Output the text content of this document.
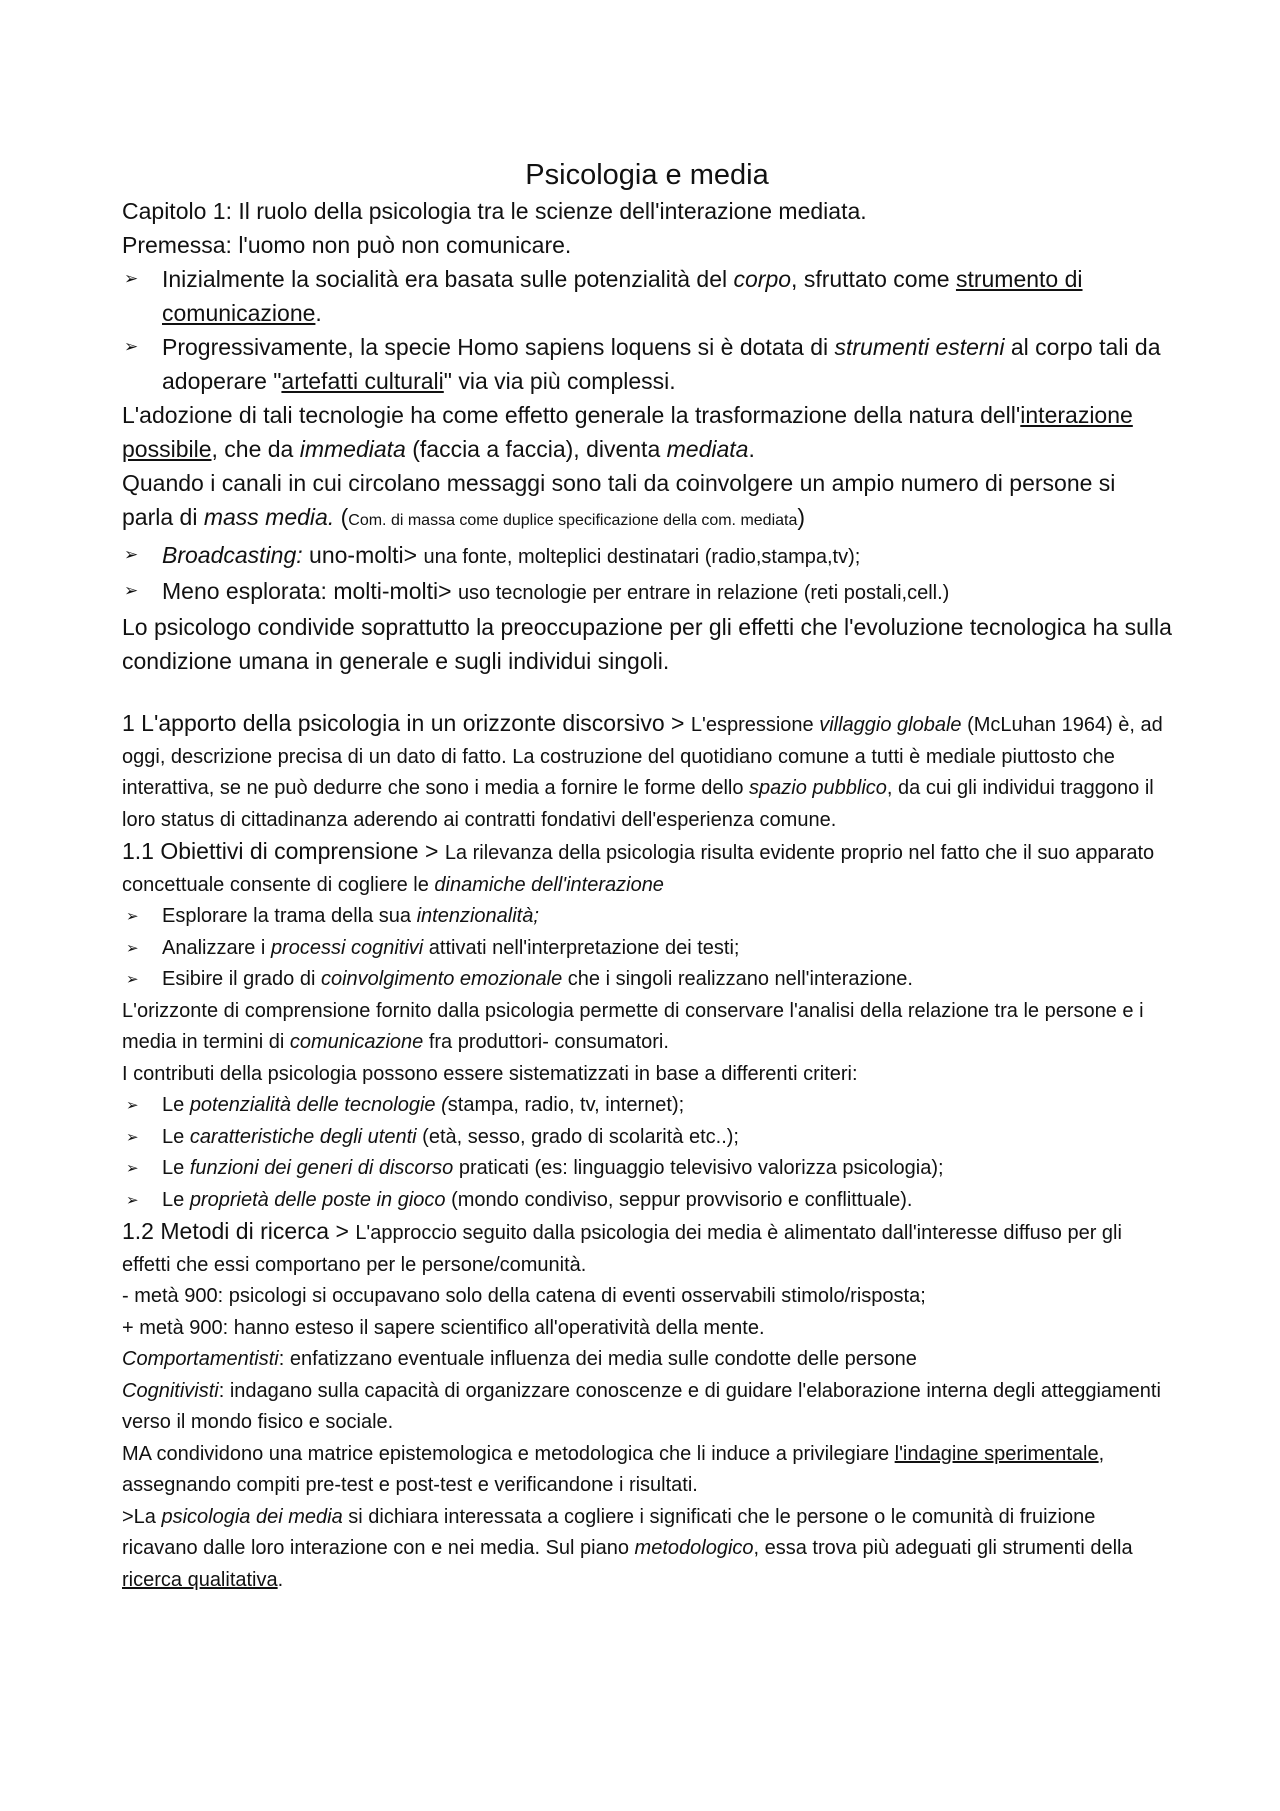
Psicologia e media

Capitolo 1: Il ruolo della psicologia tra le scienze dell'interazione mediata.

Premessa: l'uomo non può non comunicare.

➢ Inizialmente la socialità era basata sulle potenzialità del corpo, sfruttato come strumento di comunicazione.

➢ Progressivamente, la specie Homo sapiens loquens si è dotata di strumenti esterni al corpo tali da adoperare "artefatti culturali" via via più complessi.

L'adozione di tali tecnologie ha come effetto generale la trasformazione della natura dell'interazione possibile, che da immediata (faccia a faccia), diventa mediata.

Quando i canali in cui circolano messaggi sono tali da coinvolgere un ampio numero di persone si parla di mass media. (Com. di massa come duplice specificazione della com. mediata)

➢ Broadcasting: uno-molti> una fonte, molteplici destinatari (radio,stampa,tv);

➢ Meno esplorata: molti-molti> uso tecnologie per entrare in relazione (reti postali,cell.)

Lo psicologo condivide soprattutto la preoccupazione per gli effetti che l'evoluzione tecnologica ha sulla condizione umana in generale e sugli individui singoli.

1 L'apporto della psicologia in un orizzonte discorsivo > L'espressione villaggio globale (McLuhan 1964) è, ad oggi, descrizione precisa di un dato di fatto. La costruzione del quotidiano comune a tutti è mediale piuttosto che interattiva, se ne può dedurre che sono i media a fornire le forme dello spazio pubblico, da cui gli individui traggono il loro status di cittadinanza aderendo ai contratti fondativi dell'esperienza comune.

1.1 Obiettivi di comprensione > La rilevanza della psicologia risulta evidente proprio nel fatto che il suo apparato concettuale consente di cogliere le dinamiche dell'interazione

➢ Esplorare la trama della sua intenzionalità;

➢ Analizzare i processi cognitivi attivati nell'interpretazione dei testi;

➢ Esibire il grado di coinvolgimento emozionale che i singoli realizzano nell'interazione.

L'orizzonte di comprensione fornito dalla psicologia permette di conservare l'analisi della relazione tra le persone e i media in termini di comunicazione fra produttori- consumatori.

I contributi della psicologia possono essere sistematizzati in base a differenti criteri:

➢ Le potenzialità delle tecnologie (stampa, radio, tv, internet);

➢ Le caratteristiche degli utenti (età, sesso, grado di scolarità etc..);

➢ Le funzioni dei generi di discorso praticati (es: linguaggio televisivo valorizza psicologia);

➢ Le proprietà delle poste in gioco (mondo condiviso, seppur provvisorio e conflittuale).

1.2 Metodi di ricerca > L'approccio seguito dalla psicologia dei media è alimentato dall'interesse diffuso per gli effetti che essi comportano per le persone/comunità.

- metà 900: psicologi si occupavano solo della catena di eventi osservabili stimolo/risposta;

+ metà 900: hanno esteso il sapere scientifico all'operatività della mente.

Comportamentisti: enfatizzano eventuale influenza dei media sulle condotte delle persone

Cognitivisti: indagano sulla capacità di organizzare conoscenze e di guidare l'elaborazione interna degli atteggiamenti verso il mondo fisico e sociale.

MA condividono una matrice epistemologica e metodologica che li induce a privilegiare l'indagine sperimentale, assegnando compiti pre-test e post-test e verificandone i risultati.

>La psicologia dei media si dichiara interessata a cogliere i significati che le persone o le comunità di fruizione ricavano dalle loro interazione con e nei media. Sul piano metodologico, essa trova più adeguati gli strumenti della ricerca qualitativa.
